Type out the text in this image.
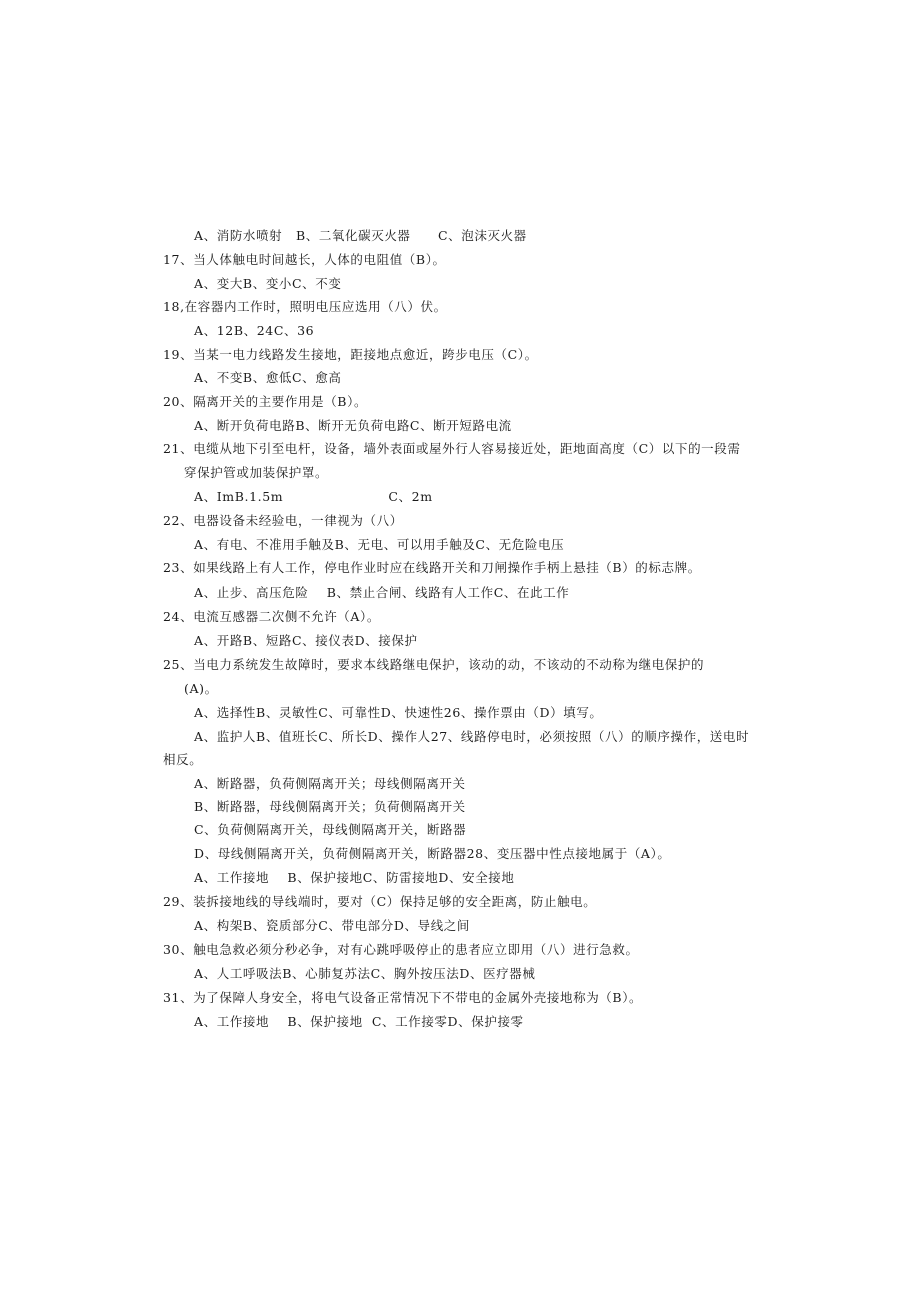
A、消防水喷射   B、二氧化碳灭火器      C、泡沫灭火器
17、当人体触电时间越长，人体的电阻值（B）。
A、变大B、变小C、不变
18,在容器内工作时，照明电压应选用（八）伏。
A、12B、24C、36
19、当某一电力线路发生接地，距接地点愈近，跨步电压（C）。
A、不变B、愈低C、愈高
20、隔离开关的主要作用是（B）。
A、断开负荷电路B、断开无负荷电路C、断开短路电流
21、电缆从地下引至电杆，设备，墙外表面或屋外行人容易接近处，距地面高度（C）以下的一段需
穿保护管或加装保护罩。
A、ImB.1.5m                       C、2m
22、电器设备未经验电，一律视为（八）
A、有电、不准用手触及B、无电、可以用手触及C、无危险电压
23、如果线路上有人工作，停电作业时应在线路开关和刀闸操作手柄上悬挂（B）的标志牌。
A、止步、高压危险    B、禁止合闸、线路有人工作C、在此工作
24、电流互感器二次侧不允许（A）。
A、开路B、短路C、接仪表D、接保护
25、当电力系统发生故障时，要求本线路继电保护，该动的动，不该动的不动称为继电保护的
(A)。
A、选择性B、灵敏性C、可靠性D、快速性26、操作票由（D）填写。
A、监护人B、值班长C、所长D、操作人27、线路停电时，必须按照（八）的顺序操作，送电时
相反。
A、断路器，负荷侧隔离开关；母线侧隔离开关
B、断路器，母线侧隔离开关；负荷侧隔离开关
C、负荷侧隔离开关，母线侧隔离开关，断路器
D、母线侧隔离开关，负荷侧隔离开关，断路器28、变压器中性点接地属于（A）。
A、工作接地    B、保护接地C、防雷接地D、安全接地
29、装拆接地线的导线端时，要对（C）保持足够的安全距离，防止触电。
A、构架B、瓷质部分C、带电部分D、导线之间
30、触电急救必须分秒必争，对有心跳呼吸停止的患者应立即用（八）进行急救。
A、人工呼吸法B、心肺复苏法C、胸外按压法D、医疗器械
31、为了保障人身安全，将电气设备正常情况下不带电的金属外壳接地称为（B）。
A、工作接地    B、保护接地  C、工作接零D、保护接零
